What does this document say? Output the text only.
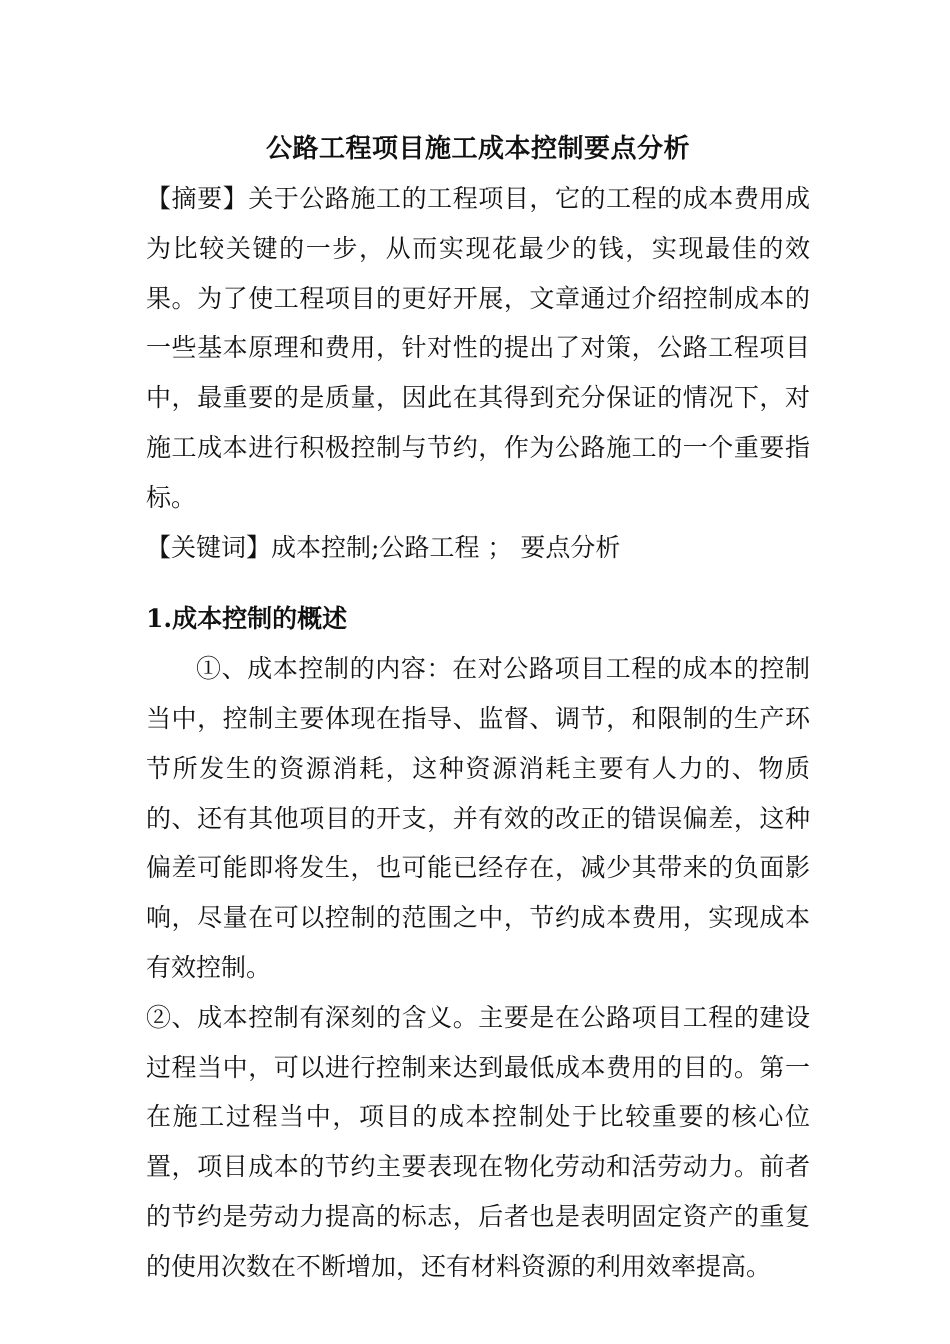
公路工程项目施工成本控制要点分析

【摘要】关于公路施工的工程项目，它的工程的成本费用成为比较关键的一步，从而实现花最少的钱，实现最佳的效果。为了使工程项目的更好开展，文章通过介绍控制成本的一些基本原理和费用，针对性的提出了对策，公路工程项目中，最重要的是质量，因此在其得到充分保证的情况下，对施工成本进行积极控制与节约，作为公路施工的一个重要指标。

【关键词】成本控制;公路工程 ； 要点分析

1.成本控制的概述

①、成本控制的内容：在对公路项目工程的成本的控制当中，控制主要体现在指导、监督、调节，和限制的生产环节所发生的资源消耗，这种资源消耗主要有人力的、物质的、还有其他项目的开支，并有效的改正的错误偏差，这种偏差可能即将发生，也可能已经存在，减少其带来的负面影响，尽量在可以控制的范围之中，节约成本费用，实现成本有效控制。

②、成本控制有深刻的含义。主要是在公路项目工程的建设过程当中，可以进行控制来达到最低成本费用的目的。第一在施工过程当中，项目的成本控制处于比较重要的核心位置，项目成本的节约主要表现在物化劳动和活劳动力。前者的节约是劳动力提高的标志，后者也是表明固定资产的重复的使用次数在不断增加，还有材料资源的利用效率提高。
